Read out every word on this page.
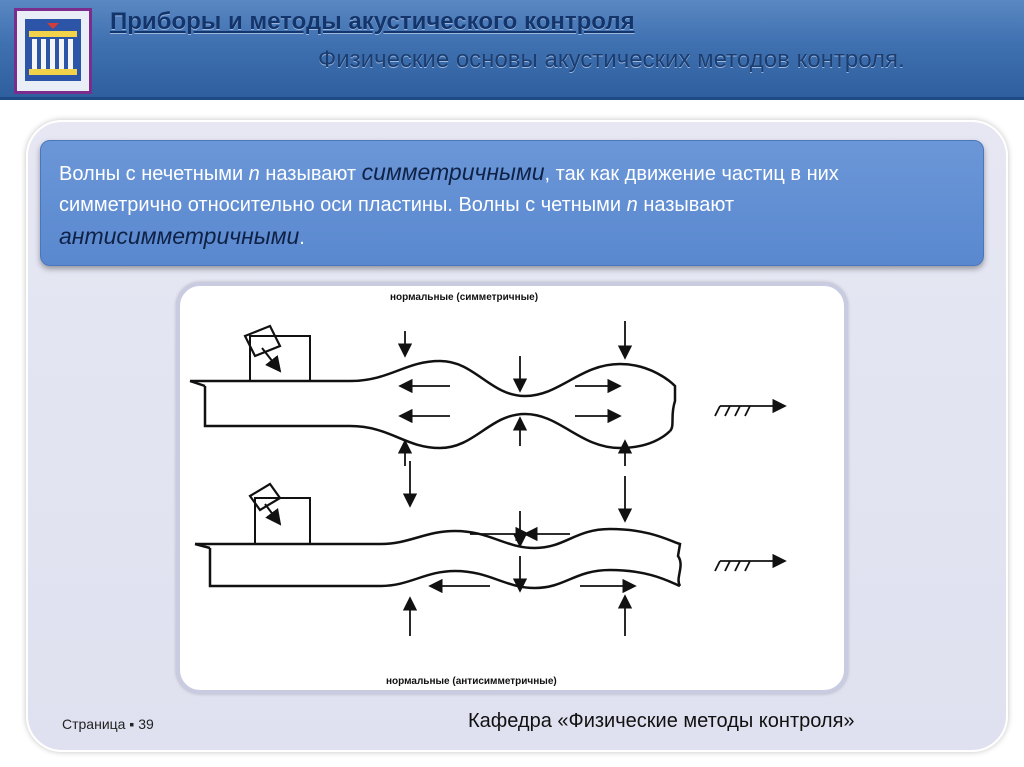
Приборы и методы акустического контроля
Физические основы акустических методов контроля.
Волны с нечетными n называют симметричными, так как движение частиц в них симметрично относительно оси пластины. Волны с четными n называют антисимметричными.
нормальные (симметричные)
нормальные (антисимметричные)
Страница ▪ 39	Кафедра «Физические методы контроля»
